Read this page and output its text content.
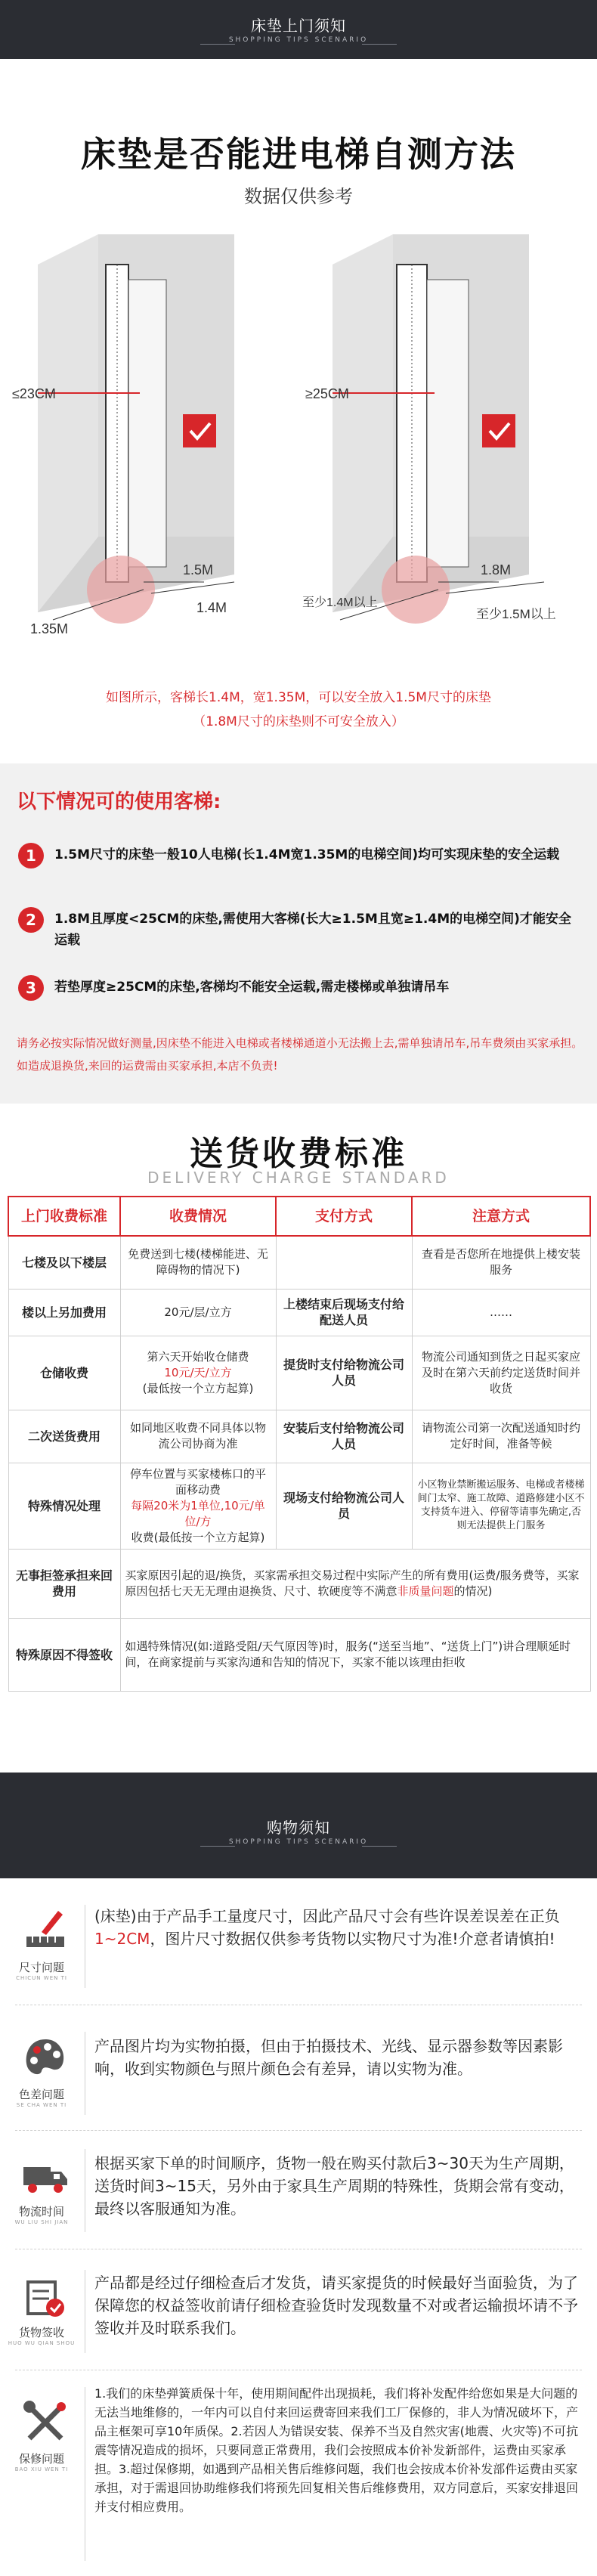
床垫上门须知
SHOPPING TIPS SCENARIO
床垫是否能进电梯自测方法
数据仅供参考
≤23CM
1.5M
1.4M
1.35M
≥25CM
1.8M
至少1.5M以上
至少1.4M以上
如图所示，客梯长1.4M，宽1.35M，可以安全放入1.5M尺寸的床垫
（1.8M尺寸的床垫则不可安全放入）
以下情况可的使用客梯:
1	1.5M尺寸的床垫一般10人电梯(长1.4M宽1.35M的电梯空间)均可实现床垫的安全运载
2	1.8M且厚度<25CM的床垫,需使用大客梯(长大≥1.5M且宽≥1.4M的电梯空间)才能安全运载
3	若垫厚度≥25CM的床垫,客梯均不能安全运载,需走楼梯或单独请吊车
请务必按实际情况做好测量,因床垫不能进入电梯或者楼梯通道小无法搬上去,需单独请吊车,吊车费须由买家承担。如造成退换货,来回的运费需由买家承担,本店不负责!
送货收费标准
DELIVERY CHARGE STANDARD
上门收费标准	收费情况	支付方式	注意方式
七楼及以下楼层	免费送到七楼(楼梯能进、无障碍物的情况下)		查看是否您所在地提供上楼安装服务
楼以上另加费用	20元/层/立方	上楼结束后现场支付给配送人员	……
仓储收费	第六天开始收仓储费
10元/天/立方
(最低按一个立方起算)	提货时支付给物流公司人员	物流公司通知到货之日起买家应及时在第六天前约定送货时间并收货
二次送货费用	如同地区收费不同具体以物流公司协商为准	安装后支付给物流公司人员	请物流公司第一次配送通知时约定好时间，准备等候
特殊情况处理	停车位置与买家楼栋口的平面移动费
每隔20米为1单位,10元/单位/方
收费(最低按一个立方起算)	现场支付给物流公司人员	小区物业禁断搬运服务、电梯或者楼梯间门太窄、施工故障、道路修建小区不支持货车进入、停留等请事先确定,否则无法提供上门服务
无事拒签承担来回费用	买家原因引起的退/换货，买家需承担交易过程中实际产生的所有费用(运费/服务费等，买家原因包括七天无无理由退换货、尺寸、软硬度等不满意非质量问题的情况)		
特殊原因不得签收	如遇特殊情况(如:道路受阻/天气原因等)时，服务(“送至当地”、“送货上门”)讲合理顺延时间，在商家提前与买家沟通和告知的情况下，买家不能以该理由拒收		
购物须知
SHOPPING TIPS SCENARIO
尺寸问题
CHICUN WEN TI
(床垫)由于产品手工量度尺寸，因此产品尺寸会有些许误差误差在正负1~2CM，图片尺寸数据仅供参考货物以实物尺寸为准!介意者请慎拍!
色差问题
SE CHA WEN TI
产品图片均为实物拍摄，但由于拍摄技术、光线、显示器参数等因素影响，收到实物颜色与照片颜色会有差异，请以实物为准。
物流时间
WU LIU SHI JIAN
根据买家下单的时间顺序，货物一般在购买付款后3~30天为生产周期，送货时间3~15天，另外由于家具生产周期的特殊性，货期会常有变动，最终以客服通知为准。
货物签收
HUO WU QIAN SHOU
产品都是经过仔细检查后才发货，请买家提货的时候最好当面验货，为了保障您的权益签收前请仔细检查验货时发现数量不对或者运输损坏请不予签收并及时联系我们。
保修问题
BAO XIU WEN TI
1.我们的床垫弹簧质保十年，使用期间配件出现损耗，我们将补发配件给您如果是大问题的无法当地维修的，一年内可以自付来回运费寄回来我们工厂保修的，非人为情况破坏下，产品主框架可享10年质保。2.若因人为错误安装、保养不当及自然灾害(地震、火灾等)不可抗震等情况造成的损坏，只要同意正常费用，我们会按照成本价补发新部件，运费由买家承担。3.超过保修期，如遇到产品相关售后维修问题，我们也会按成本价补发部件运费由买家承担，对于需退回协助维修我们将预先回复相关售后维修费用，双方同意后，买家安排退回并支付相应费用。
